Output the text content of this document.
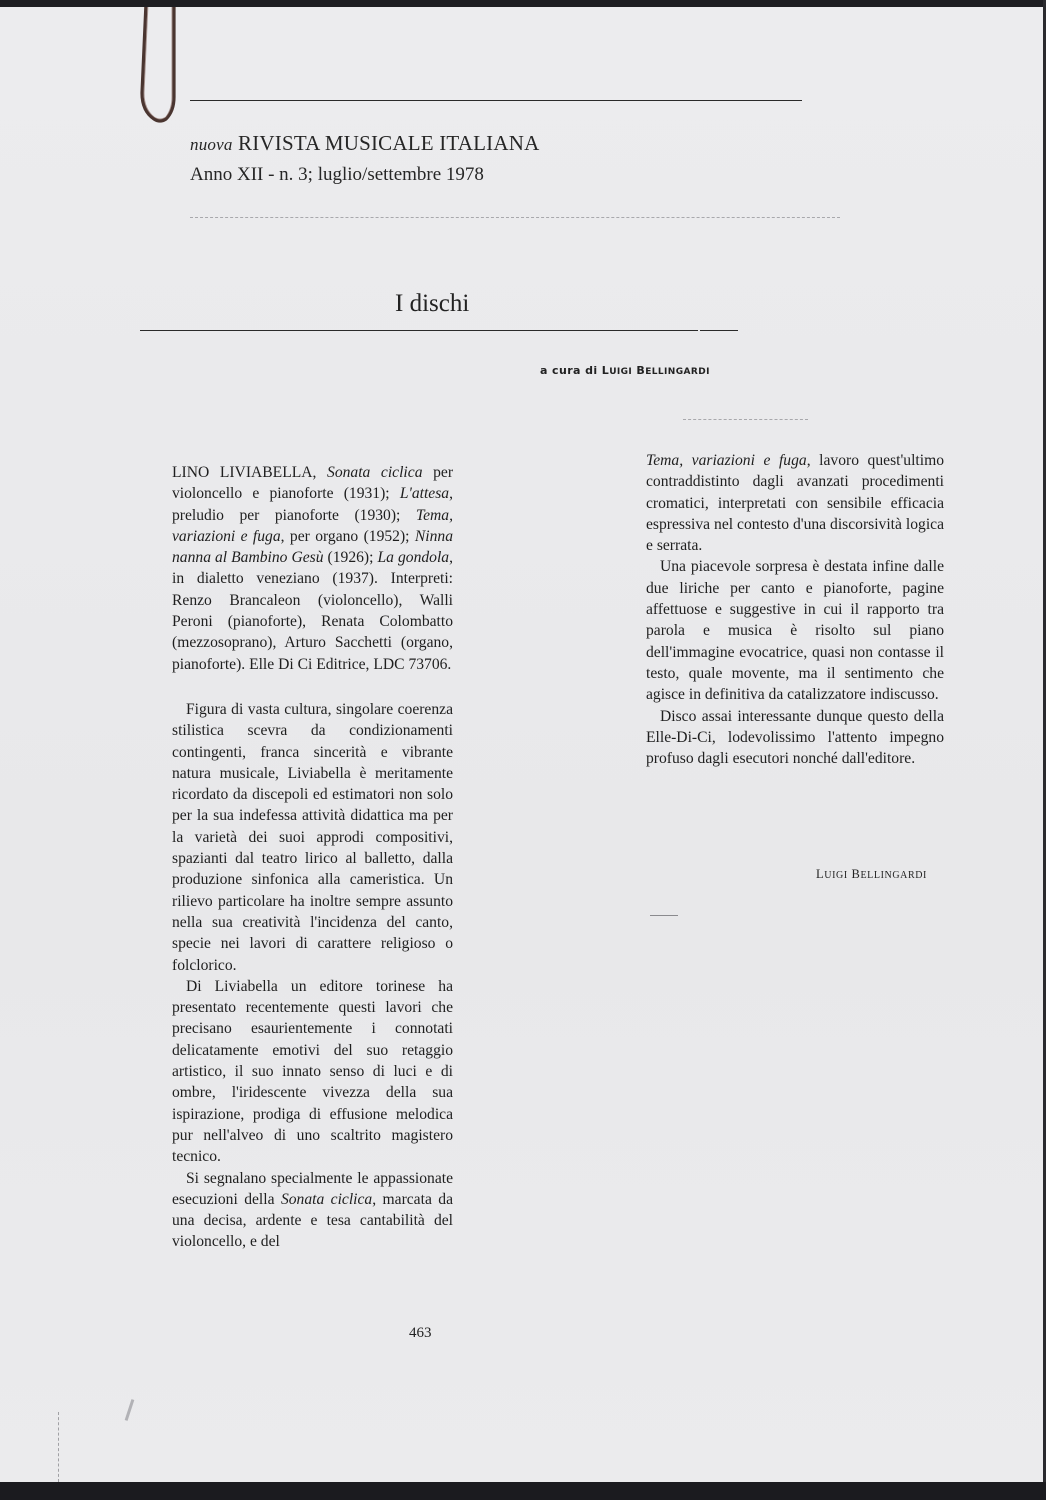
nuova RIVISTA MUSICALE ITALIANA
Anno XII - n. 3; luglio/settembre 1978
I dischi
a cura di LUIGI BELLINGARDI

LINO LIVIABELLA, Sonata ciclica per violoncello e pianoforte (1931); L'attesa, preludio per pianoforte (1930); Tema, variazioni e fuga, per organo (1952); Ninna nanna al Bambino Gesù (1926); La gondola, in dialetto veneziano (1937). Interpreti: Renzo Brancaleon (violoncello), Walli Peroni (pianoforte), Renata Colombatto (mezzosoprano), Arturo Sacchetti (organo, pianoforte). Elle Di Ci Editrice, LDC 73706.

Figura di vasta cultura, singolare coerenza stilistica scevra da condizionamenti contingenti, franca sincerità e vibrante natura musicale, Liviabella è meritamente ricordato da discepoli ed estimatori non solo per la sua indefessa attività didattica ma per la varietà dei suoi approdi compositivi, spazianti dal teatro lirico al balletto, dalla produzione sinfonica alla cameristica. Un rilievo particolare ha inoltre sempre assunto nella sua creatività l'incidenza del canto, specie nei lavori di carattere religioso o folclorico.

Di Liviabella un editore torinese ha presentato recentemente questi lavori che precisano esaurientemente i connotati delicatamente emotivi del suo retaggio artistico, il suo innato senso di luci e di ombre, l'iridescente vivezza della sua ispirazione, prodiga di effusione melodica pur nell'alveo di uno scaltrito magistero tecnico.

Si segnalano specialmente le appassionate esecuzioni della Sonata ciclica, marcata da una decisa, ardente e tesa cantabilità del violoncello, e del

Tema, variazioni e fuga, lavoro quest'ultimo contraddistinto dagli avanzati procedimenti cromatici, interpretati con sensibile efficacia espressiva nel contesto d'una discorsività logica e serrata.

Una piacevole sorpresa è destata infine dalle due liriche per canto e pianoforte, pagine affettuose e suggestive in cui il rapporto tra parola e musica è risolto sul piano dell'immagine evocatrice, quasi non contasse il testo, quale movente, ma il sentimento che agisce in definitiva da catalizzatore indiscusso.

Disco assai interessante dunque questo della Elle-Di-Ci, lodevolissimo l'attento impegno profuso dagli esecutori nonché dall'editore.

LUIGI BELLINGARDI
463
